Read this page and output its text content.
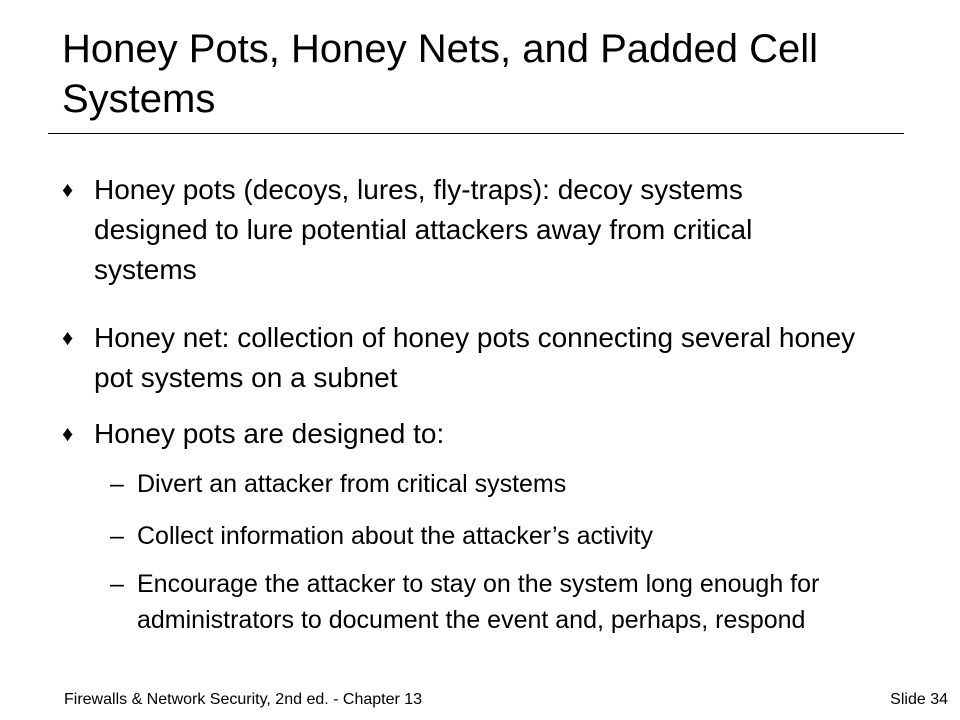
Honey Pots, Honey Nets, and Padded Cell Systems
♦ Honey pots (decoys, lures, fly-traps): decoy systems designed to lure potential attackers away from critical systems
♦ Honey net: collection of honey pots connecting several honey pot systems on a subnet
♦ Honey pots are designed to:
– Divert an attacker from critical systems
– Collect information about the attacker’s activity
– Encourage the attacker to stay on the system long enough for administrators to document the event and, perhaps, respond
Firewalls & Network Security, 2nd ed. - Chapter 13	Slide 34
